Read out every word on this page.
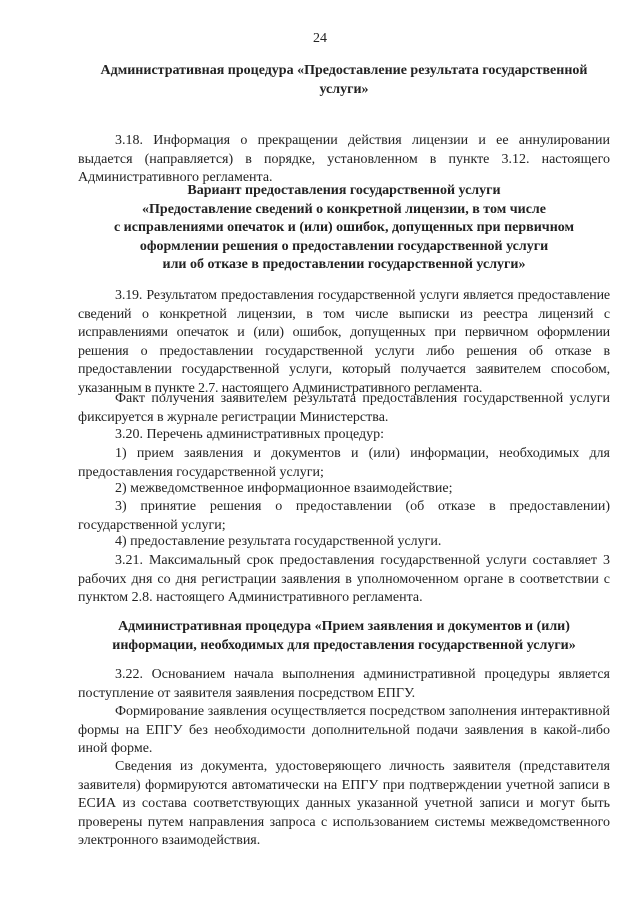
24
Административная процедура «Предоставление результата государственной услуги»
3.18. Информация о прекращении действия лицензии и ее аннулировании выдается (направляется) в порядке, установленном в пункте 3.12. настоящего Административного регламента.
Вариант предоставления государственной услуги
«Предоставление сведений о конкретной лицензии, в том числе
с исправлениями опечаток и (или) ошибок, допущенных при первичном
оформлении решения о предоставлении государственной услуги
или об отказе в предоставлении государственной услуги»
3.19. Результатом предоставления государственной услуги является предоставление сведений о конкретной лицензии, в том числе выписки из реестра лицензий с исправлениями опечаток и (или) ошибок, допущенных при первичном оформлении решения о предоставлении государственной услуги либо решения об отказе в предоставлении государственной услуги, который получается заявителем способом, указанным в пункте 2.7. настоящего Административного регламента.
Факт получения заявителем результата предоставления государственной услуги фиксируется в журнале регистрации Министерства.
3.20. Перечень административных процедур:
1) прием заявления и документов и (или) информации, необходимых для предоставления государственной услуги;
2) межведомственное информационное взаимодействие;
3) принятие решения о предоставлении (об отказе в предоставлении) государственной услуги;
4) предоставление результата государственной услуги.
3.21. Максимальный срок предоставления государственной услуги составляет 3 рабочих дня со дня регистрации заявления в уполномоченном органе в соответствии с пунктом 2.8. настоящего Административного регламента.
Административная процедура «Прием заявления и документов и (или) информации, необходимых для предоставления государственной услуги»
3.22. Основанием начала выполнения административной процедуры является поступление от заявителя заявления посредством ЕПГУ.
Формирование заявления осуществляется посредством заполнения интерактивной формы на ЕПГУ без необходимости дополнительной подачи заявления в какой-либо иной форме.
Сведения из документа, удостоверяющего личность заявителя (представителя заявителя) формируются автоматически на ЕПГУ при подтверждении учетной записи в ЕСИА из состава соответствующих данных указанной учетной записи и могут быть проверены путем направления запроса с использованием системы межведомственного электронного взаимодействия.
